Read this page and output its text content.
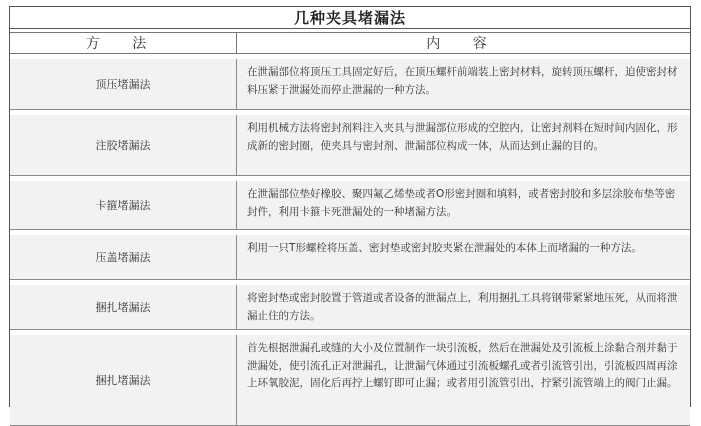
几种夹具堵漏法
方 法	内 容
顶压堵漏法
在泄漏部位将顶压工具固定好后，在顶压螺杆前端装上密封材料，旋转顶压螺杆，迫使密封材料压紧于泄漏处而停止泄漏的一种方法。
注胶堵漏法
利用机械方法将密封剂料注入夹具与泄漏部位形成的空腔内，让密封剂料在短时间内固化，形成新的密封圈，使夹具与密封剂、泄漏部位构成一体，从而达到止漏的目的。
卡箍堵漏法
在泄漏部位垫好橡胶、聚四氟乙烯垫或者O形密封圈和填料，或者密封胶和多层涂胶布垫等密封件，利用卡箍卡死泄漏处的一种堵漏方法。
压盖堵漏法
利用一只T形螺栓将压盖、密封垫或密封胶夹紧在泄漏处的本体上而堵漏的一种方法。
捆扎堵漏法
将密封垫或密封胶置于管道或者设备的泄漏点上，利用捆扎工具将钢带紧紧地压死，从而将泄漏止住的方法。
捆扎堵漏法
首先根据泄漏孔或缝的大小及位置制作一块引流板，然后在泄漏处及引流板上涂黏合剂并黏于泄漏处，使引流孔正对泄漏孔，让泄漏气体通过引流板螺孔或者引流管引出，引流板四周再涂上环氧胶泥，固化后再拧上螺钉即可止漏；或者用引流管引出，拧紧引流管端上的阀门止漏。
